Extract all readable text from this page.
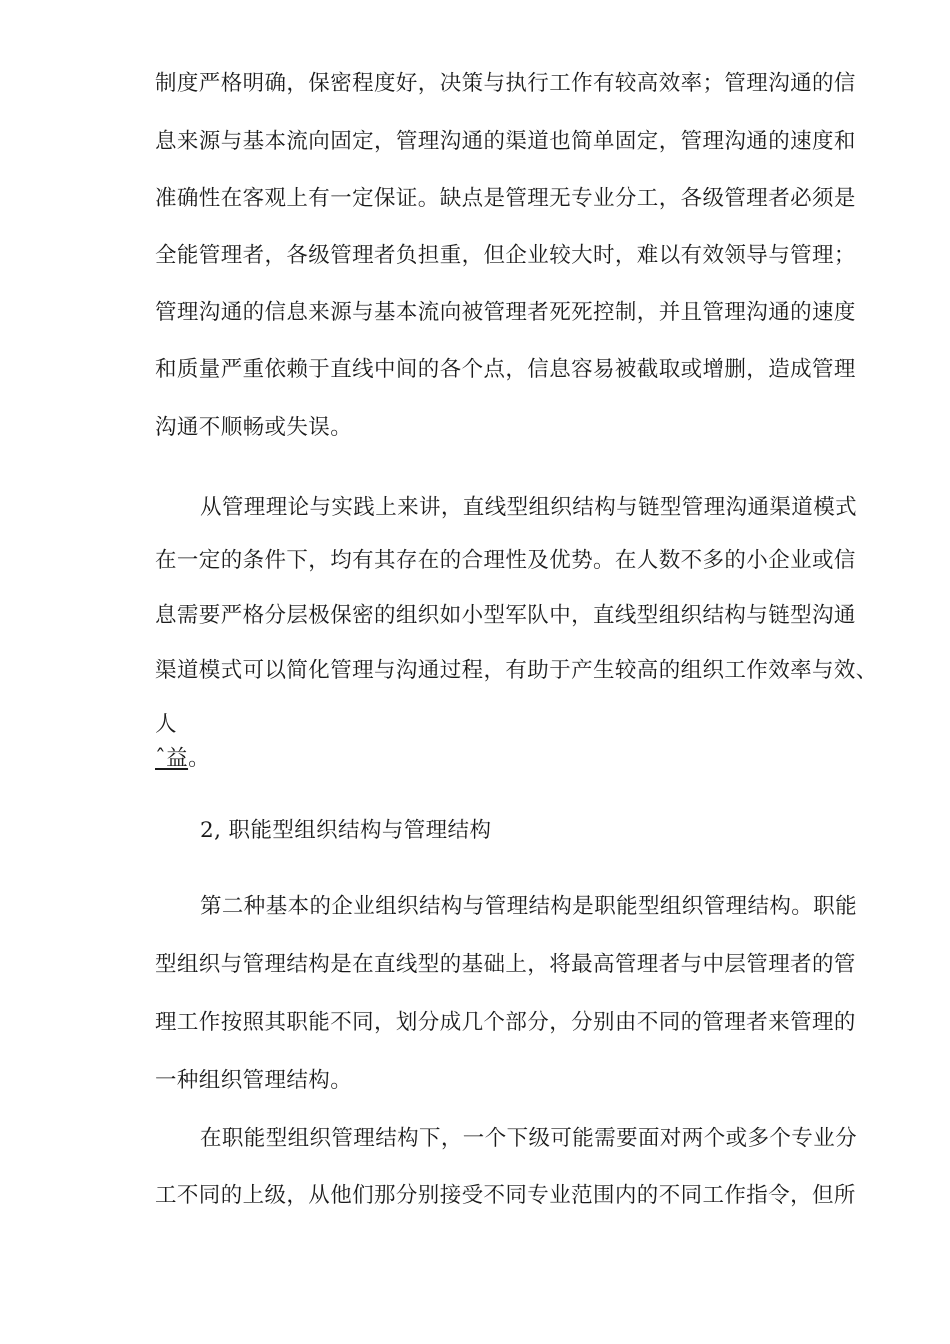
制度严格明确，保密程度好，决策与执行工作有较高效率；管理沟通的信
息来源与基本流向固定，管理沟通的渠道也简单固定，管理沟通的速度和
准确性在客观上有一定保证。缺点是管理无专业分工，各级管理者必须是
全能管理者，各级管理者负担重，但企业较大时，难以有效领导与管理；
管理沟通的信息来源与基本流向被管理者死死控制，并且管理沟通的速度
和质量严重依赖于直线中间的各个点，信息容易被截取或增删，造成管理
沟通不顺畅或失误。
从管理理论与实践上来讲，直线型组织结构与链型管理沟通渠道模式
在一定的条件下，均有其存在的合理性及优势。在人数不多的小企业或信
息需要严格分层极保密的组织如小型军队中，直线型组织结构与链型沟通
渠道模式可以简化管理与沟通过程，有助于产生较高的组织工作效率与效、
人
ˆ益。
2, 职能型组织结构与管理结构
第二种基本的企业组织结构与管理结构是职能型组织管理结构。职能
型组织与管理结构是在直线型的基础上，将最高管理者与中层管理者的管
理工作按照其职能不同，划分成几个部分，分别由不同的管理者来管理的
一种组织管理结构。
在职能型组织管理结构下，一个下级可能需要面对两个或多个专业分
工不同的上级，从他们那分别接受不同专业范围内的不同工作指令，但所
